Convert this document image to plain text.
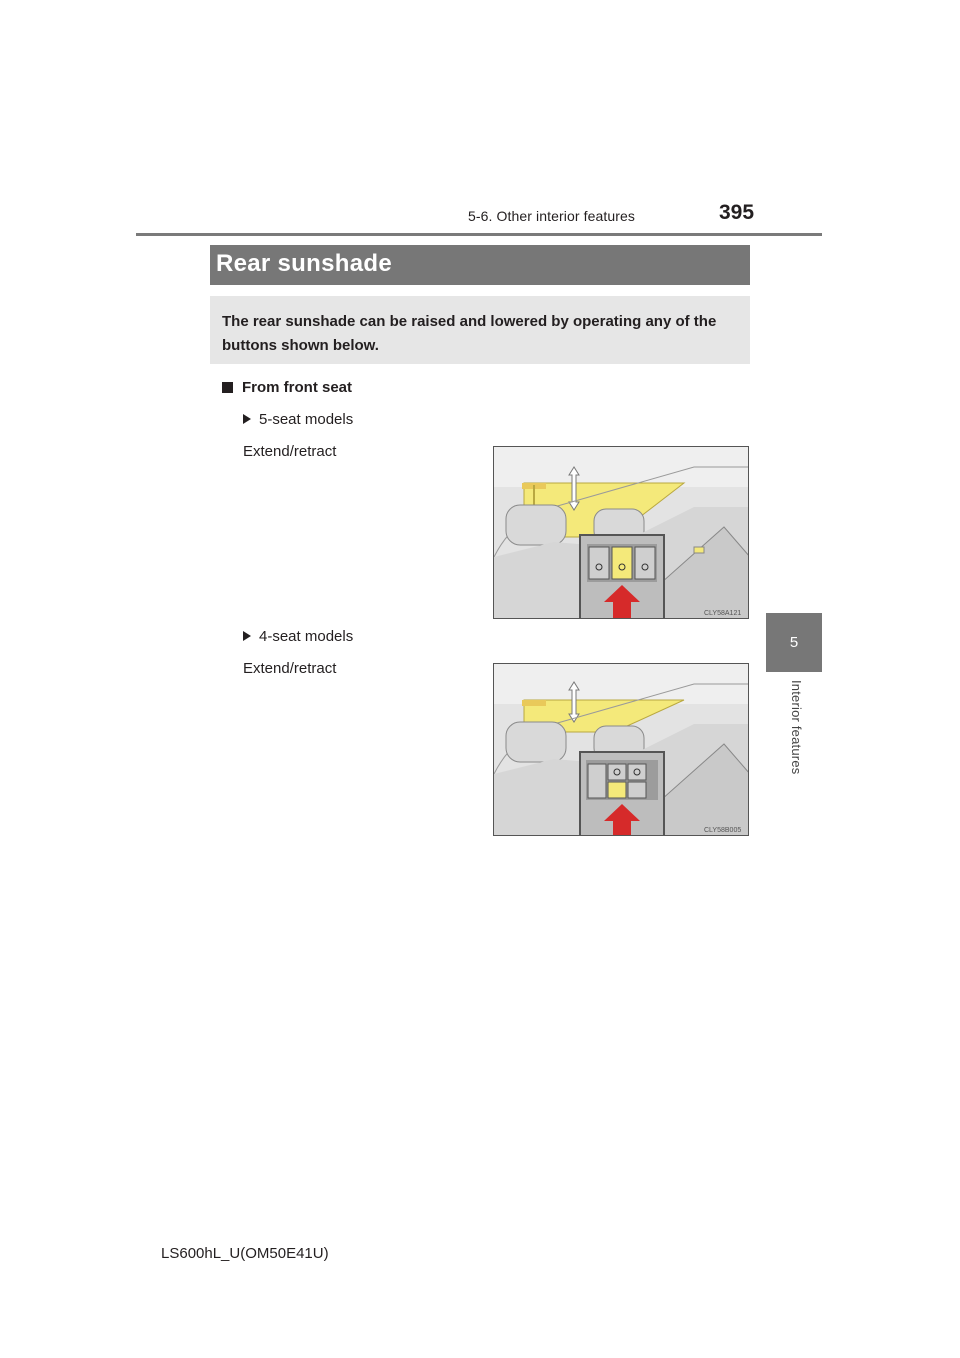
5-6. Other interior features	395
5
Interior features
Rear sunshade
The rear sunshade can be raised and lowered by operating any of the buttons shown below.
From front seat
5-seat models
Extend/retract
CLY58A121
4-seat models
Extend/retract
CLY58B005
LS600hL_U(OM50E41U)
